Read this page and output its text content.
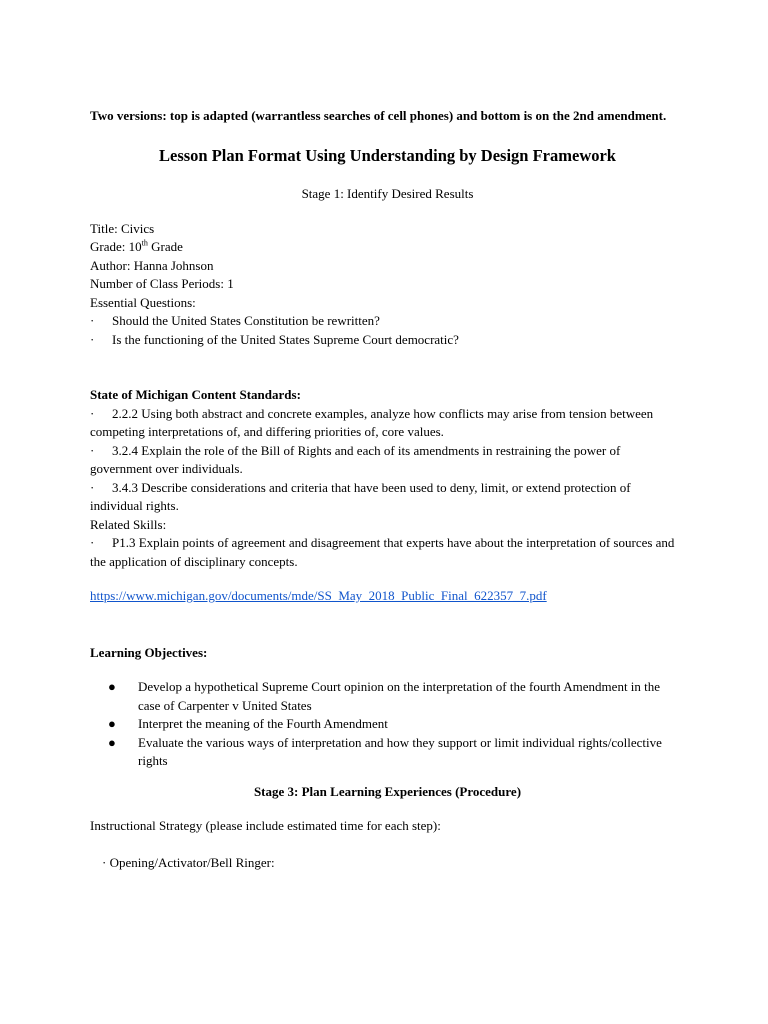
Two versions: top is adapted (warrantless searches of cell phones) and bottom is on the 2nd amendment.

Lesson Plan Format Using Understanding by Design Framework
Stage 1: Identify Desired Results
Title: Civics
Grade: 10th Grade
Author: Hanna Johnson
Number of Class Periods: 1
Essential Questions:
·	Should the United States Constitution be rewritten?
·	Is the functioning of the United States Supreme Court democratic?
State of Michigan Content Standards:
· 2.2.2 Using both abstract and concrete examples, analyze how conflicts may arise from tension between competing interpretations of, and differing priorities of, core values.
· 3.2.4 Explain the role of the Bill of Rights and each of its amendments in restraining the power of government over individuals.
· 3.4.3 Describe considerations and criteria that have been used to deny, limit, or extend protection of individual rights.
Related Skills:
· P1.3 Explain points of agreement and disagreement that experts have about the interpretation of sources and the application of disciplinary concepts.
https://www.michigan.gov/documents/mde/SS_May_2018_Public_Final_622357_7.pdf
Learning Objectives:
●	Develop a hypothetical Supreme Court opinion on the interpretation of the fourth Amendment in the case of Carpenter v United States
●	Interpret the meaning of the Fourth Amendment
●	Evaluate the various ways of interpretation and how they support or limit individual rights/collective rights
Stage 3: Plan Learning Experiences (Procedure)
Instructional Strategy (please include estimated time for each step):
· Opening/Activator/Bell Ringer:
